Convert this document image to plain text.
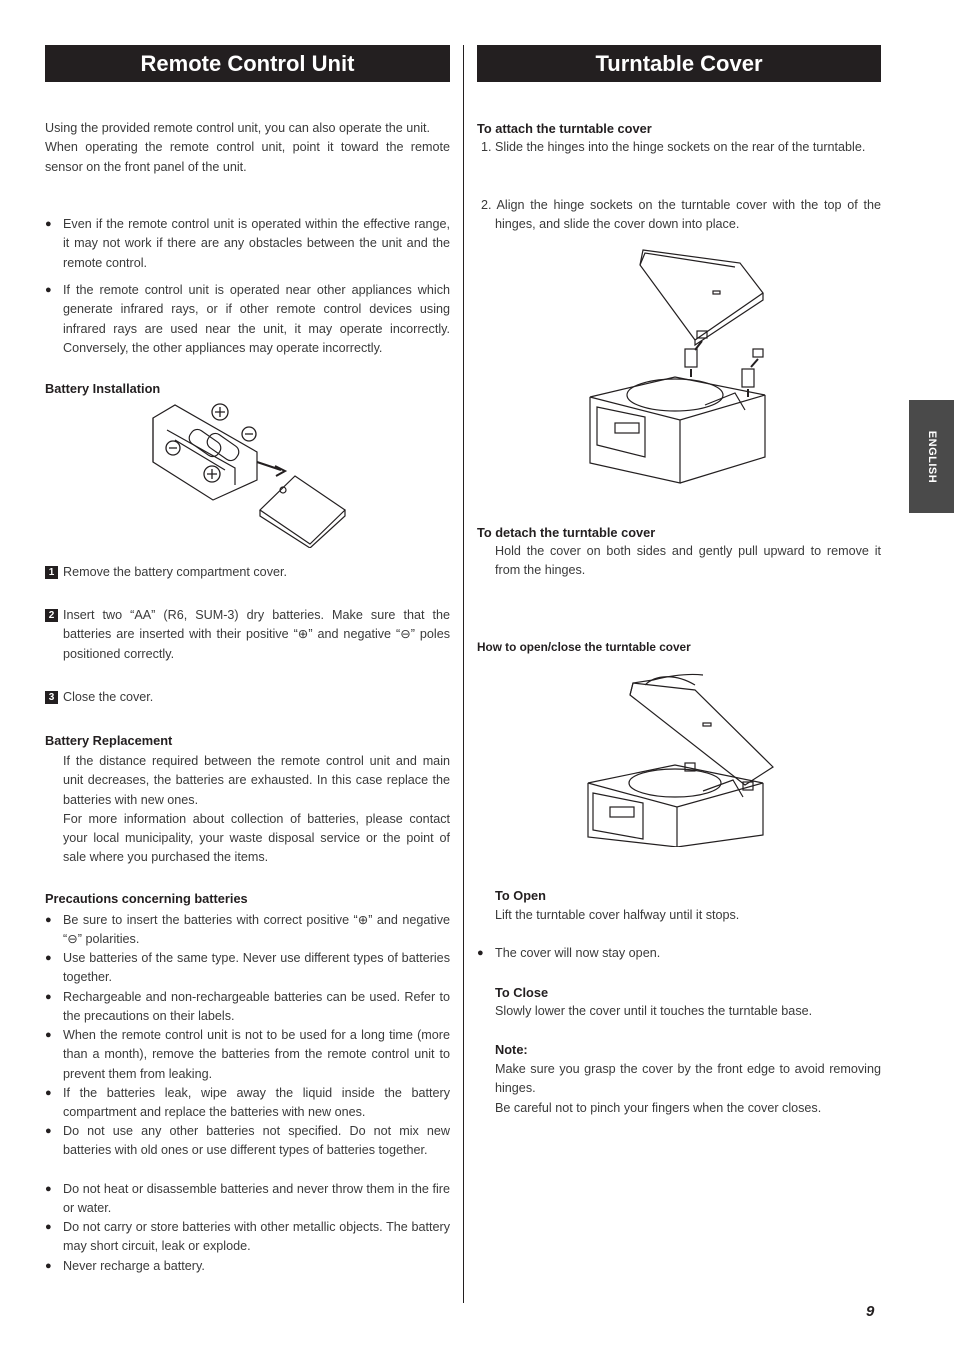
Remote Control Unit	Turntable Cover
Using the provided remote control unit, you can also operate the unit.
When operating the remote control unit, point it toward the remote sensor on the front panel of the unit.
● Even if the remote control unit is operated within the effective range, it may not work if there are any obstacles between the unit and the remote control.
● If the remote control unit is operated near other appliances which generate infrared rays, or if other remote control devices using infrared rays are used near the unit, it may operate incorrectly. Conversely, the other appliances may operate incorrectly.
Battery Installation
1 Remove the battery compartment cover.
2 Insert two “AA” (R6, SUM-3) dry batteries. Make sure that the batteries are inserted with their positive “⊕” and negative “⊖” poles positioned correctly.
3 Close the cover.
Battery Replacement
If the distance required between the remote control unit and main unit decreases, the batteries are exhausted. In this case replace the batteries with new ones.
For more information about collection of batteries, please contact your local municipality, your waste disposal service or the point of sale where you purchased the items.
Precautions concerning batteries
● Be sure to insert the batteries with correct positive “⊕” and negative “⊖” polarities.
● Use batteries of the same type. Never use different types of batteries together.
● Rechargeable and non-rechargeable batteries can be used. Refer to the precautions on their labels.
● When the remote control unit is not to be used for a long time (more than a month), remove the batteries from the remote control unit to prevent them from leaking.
● If the batteries leak, wipe away the liquid inside the battery compartment and replace the batteries with new ones.
● Do not use any other batteries not specified. Do not mix new batteries with old ones or use different types of batteries together.
● Do not heat or disassemble batteries and never throw them in the fire or water.
● Do not carry or store batteries with other metallic objects. The battery may short circuit, leak or explode.
● Never recharge a battery.
To attach the turntable cover
1. Slide the hinges into the hinge sockets on the rear of the turntable.
2. Align the hinge sockets on the turntable cover with the top of the hinges, and slide the cover down into place.
To detach the turntable cover
Hold the cover on both sides and gently pull upward to remove it from the hinges.
How to open/close the turntable cover
To Open
Lift the turntable cover halfway until it stops.
● The cover will now stay open.
To Close
Slowly lower the cover until it touches the turntable base.
Note:
Make sure you grasp the cover by the front edge to avoid removing hinges.
Be careful not to pinch your fingers when the cover closes.
ENGLISH
9
